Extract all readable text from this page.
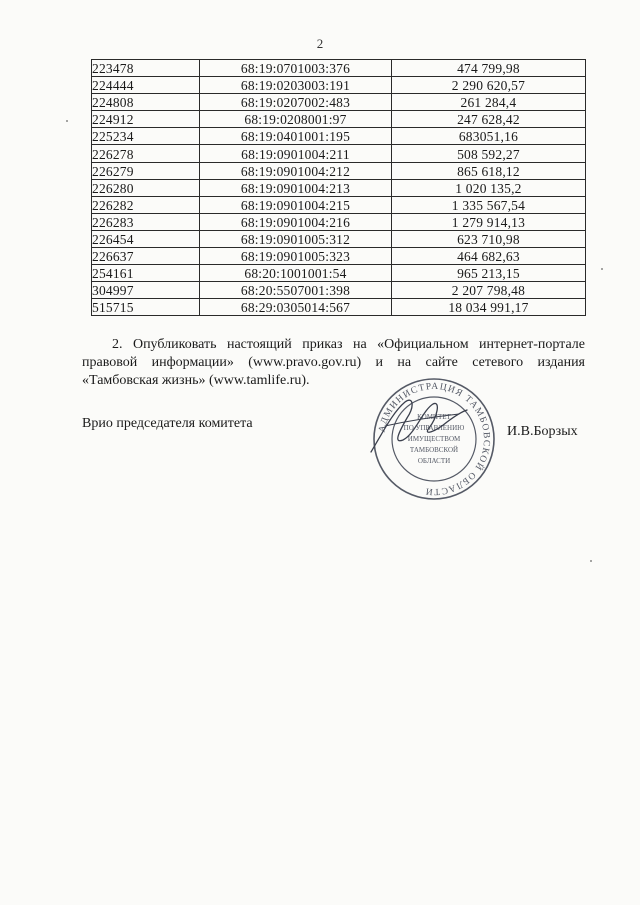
2
223478	68:19:0701003:376	474 799,98
224444	68:19:0203003:191	2 290 620,57
224808	68:19:0207002:483	261 284,4
224912	68:19:0208001:97	247 628,42
225234	68:19:0401001:195	683051,16
226278	68:19:0901004:211	508 592,27
226279	68:19:0901004:212	865 618,12
226280	68:19:0901004:213	1 020 135,2
226282	68:19:0901004:215	1 335 567,54
226283	68:19:0901004:216	1 279 914,13
226454	68:19:0901005:312	623 710,98
226637	68:19:0901005:323	464 682,63
254161	68:20:1001001:54	965 213,15
304997	68:20:5507001:398	2 207 798,48
515715	68:29:0305014:567	18 034 991,17
2. Опубликовать настоящий приказ на «Официальном интернет-портале правовой информации» (www.pravo.gov.ru) и на сайте сетевого издания «Тамбовская жизнь» (www.tamlife.ru).
Врио председателя комитета	АДМИНИСТРАЦИЯ ТАМБОВСКОЙ ОБЛАСТИ
КОМИТЕТ
ПО УПРАВЛЕНИЮ
ИМУЩЕСТВОМ
ТАМБОВСКОЙ
ОБЛАСТИ
И.В.Борзых
